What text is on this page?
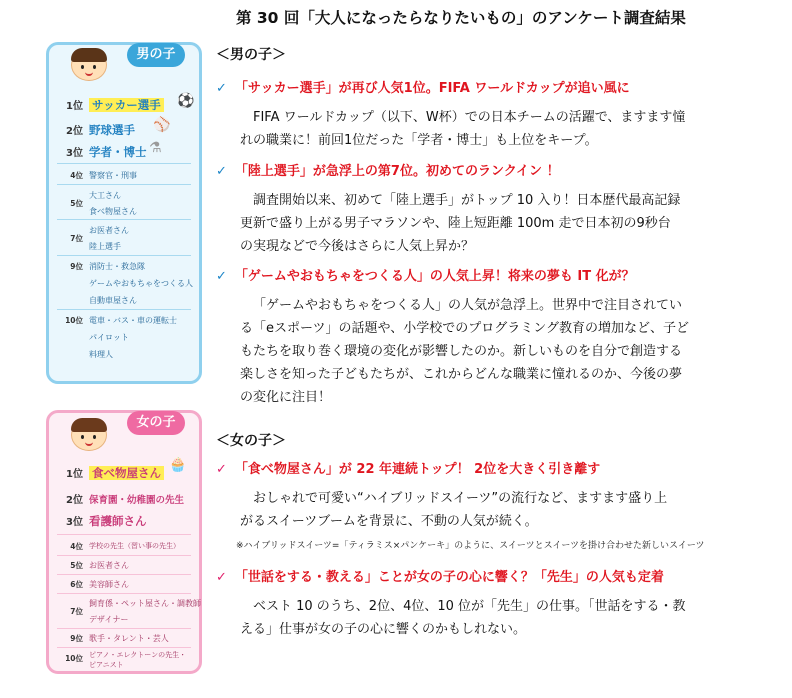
第 30 回「大人になったらなりたいもの」のアンケート調査結果
男の子
1位 サッカー選手 ⚽
2位 野球選手 ⚾
3位 学者・博士 ⚗
4位 警察官・刑事
5位
大工さん
食べ物屋さん
7位
お医者さん
陸上選手
9位 消防士・救急隊
ゲームやおもちゃをつくる人
自動車屋さん
10位 電車・バス・車の運転士
パイロット
料理人
女の子
1位 食べ物屋さん 🧁
2位 保育園・幼稚園の先生
3位 看護師さん
4位 学校の先生（習い事の先生）
5位 お医者さん
6位 美容師さん
7位
飼育係・ペット屋さん・調教師
デザイナー
9位 歌手・タレント・芸人
10位 ピアノ・エレクトーンの先生・
ピアニスト
＜男の子＞
✓ 「サッカー選手」が再び人気1位。FIFA ワールドカップが追い風に
FIFA ワールドカップ（以下、W杯）での日本チームの活躍で、ますます憧
れの職業に！前回1位だった「学者・博士」も上位をキープ。
✓ 「陸上選手」が急浮上の第7位。初めてのランクイン ！
調査開始以来、初めて「陸上選手」がトップ 10 入り！日本歴代最高記録
更新で盛り上がる男子マラソンや、陸上短距離 100m 走で日本初の9秒台
の実現などで今後はさらに人気上昇か？
✓ 「ゲームやおもちゃをつくる人」の人気上昇！将来の夢も IT 化が？
「ゲームやおもちゃをつくる人」の人気が急浮上。世界中で注目されてい
る「eスポーツ」の話題や、小学校でのプログラミング教育の増加など、子ど
もたちを取り巻く環境の変化が影響したのか。新しいものを自分で創造する
楽しさを知った子どもたちが、これからどんな職業に憧れるのか、今後の夢
の変化に注目！
＜女の子＞
✓ 「食べ物屋さん」が 22 年連続トップ！ 2位を大きく引き離す
おしゃれで可愛い“ハイブリッドスイーツ”の流行など、ますます盛り上
がるスイーツブームを背景に、不動の人気が続く。
※ハイブリッドスイーツ=「ティラミス×パンケーキ」のように、スイーツとスイーツを掛け合わせた新しいスイーツ
✓ 「世話をする・教える」ことが女の子の心に響く？「先生」の人気も定着
ベスト 10 のうち、2位、4位、10 位が「先生」の仕事。「世話をする・教
える」仕事が女の子の心に響くのかもしれない。
